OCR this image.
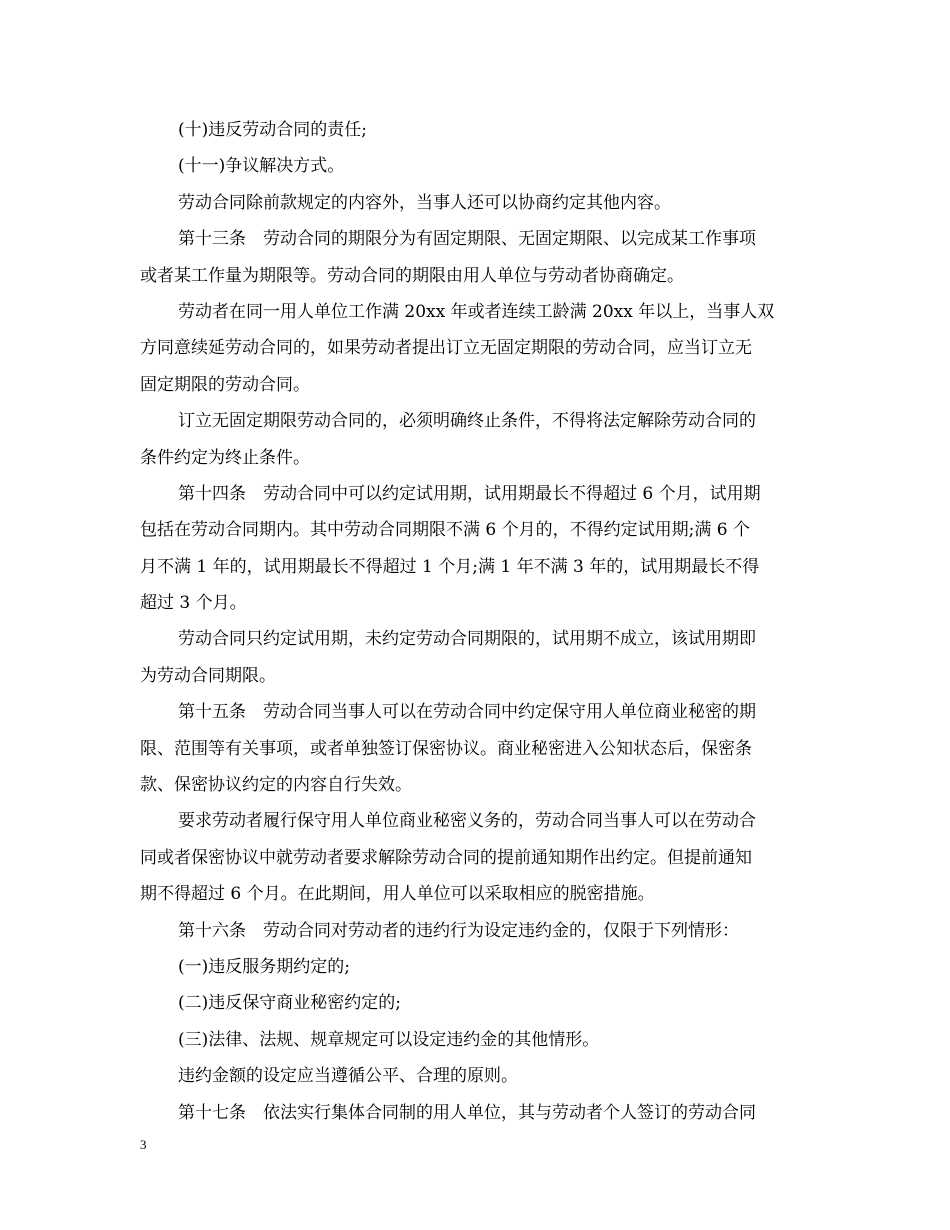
(十)违反劳动合同的责任;
(十一)争议解决方式。
劳动合同除前款规定的内容外，当事人还可以协商约定其他内容。
第十三条　劳动合同的期限分为有固定期限、无固定期限、以完成某工作事项
或者某工作量为期限等。劳动合同的期限由用人单位与劳动者协商确定。
劳动者在同一用人单位工作满 20xx 年或者连续工龄满 20xx 年以上，当事人双
方同意续延劳动合同的，如果劳动者提出订立无固定期限的劳动合同，应当订立无
固定期限的劳动合同。
订立无固定期限劳动合同的，必须明确终止条件，不得将法定解除劳动合同的
条件约定为终止条件。
第十四条　劳动合同中可以约定试用期，试用期最长不得超过 6 个月，试用期
包括在劳动合同期内。其中劳动合同期限不满 6 个月的，不得约定试用期;满 6 个
月不满 1 年的，试用期最长不得超过 1 个月;满 1 年不满 3 年的，试用期最长不得
超过 3 个月。
劳动合同只约定试用期，未约定劳动合同期限的，试用期不成立，该试用期即
为劳动合同期限。
第十五条　劳动合同当事人可以在劳动合同中约定保守用人单位商业秘密的期
限、范围等有关事项，或者单独签订保密协议。商业秘密进入公知状态后，保密条
款、保密协议约定的内容自行失效。
要求劳动者履行保守用人单位商业秘密义务的，劳动合同当事人可以在劳动合
同或者保密协议中就劳动者要求解除劳动合同的提前通知期作出约定。但提前通知
期不得超过 6 个月。在此期间，用人单位可以采取相应的脱密措施。
第十六条　劳动合同对劳动者的违约行为设定违约金的，仅限于下列情形：
(一)违反服务期约定的;
(二)违反保守商业秘密约定的;
(三)法律、法规、规章规定可以设定违约金的其他情形。
违约金额的设定应当遵循公平、合理的原则。
第十七条　依法实行集体合同制的用人单位，其与劳动者个人签订的劳动合同
3
